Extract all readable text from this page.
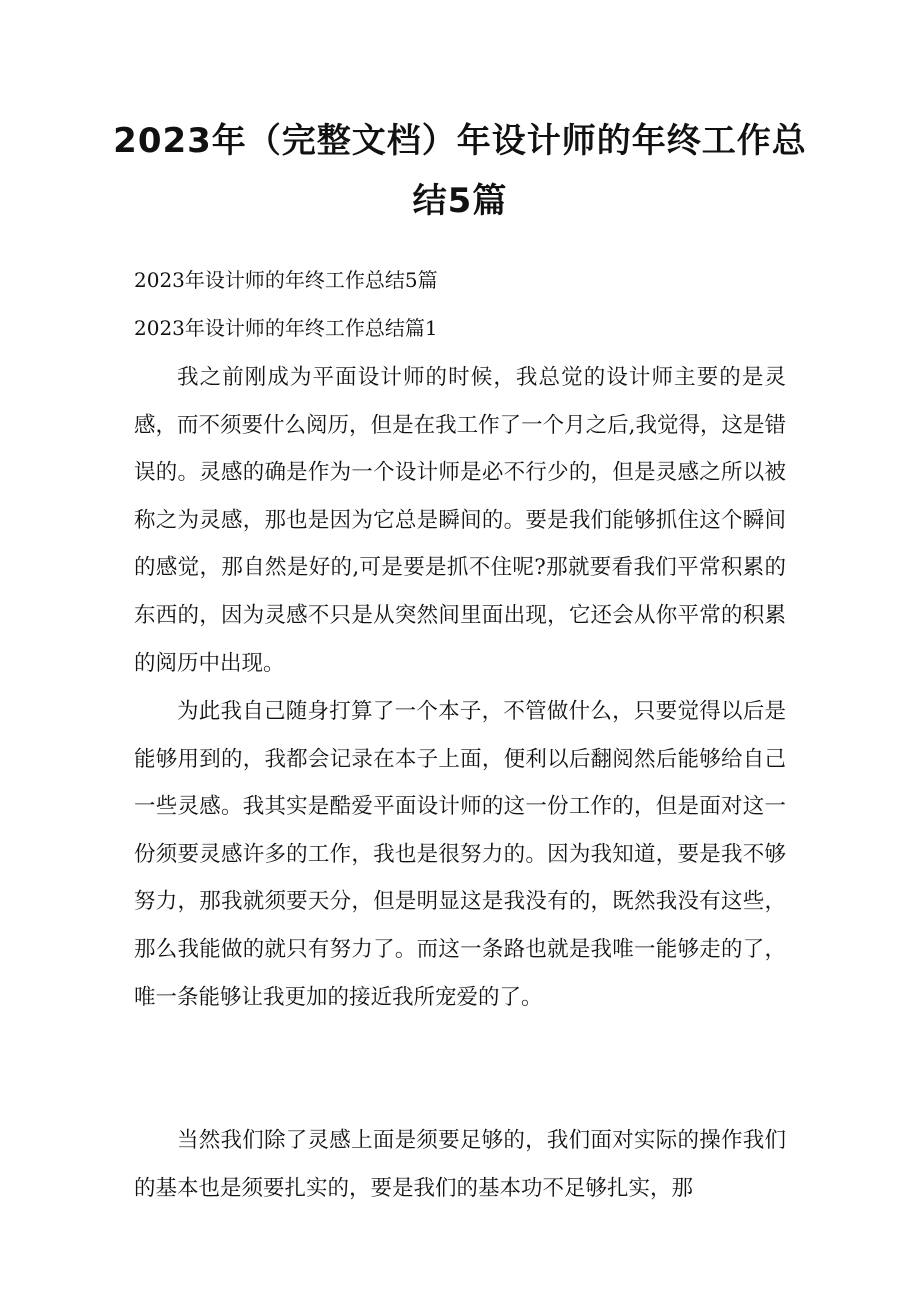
2023年（完整文档）年设计师的年终工作总
结5篇
2023年设计师的年终工作总结5篇
2023年设计师的年终工作总结篇1

我之前刚成为平面设计师的时候，我总觉的设计师主要的是灵感，而不须要什么阅历，但是在我工作了一个月之后,我觉得，这是错误的。灵感的确是作为一个设计师是必不行少的，但是灵感之所以被称之为灵感，那也是因为它总是瞬间的。要是我们能够抓住这个瞬间的感觉，那自然是好的,可是要是抓不住呢?那就要看我们平常积累的东西的，因为灵感不只是从突然间里面出现，它还会从你平常的积累的阅历中出现。

为此我自己随身打算了一个本子，不管做什么，只要觉得以后是能够用到的，我都会记录在本子上面，便利以后翻阅然后能够给自己一些灵感。我其实是酷爱平面设计师的这一份工作的，但是面对这一份须要灵感许多的工作，我也是很努力的。因为我知道，要是我不够努力，那我就须要天分，但是明显这是我没有的，既然我没有这些，那么我能做的就只有努力了。而这一条路也就是我唯一能够走的了，唯一条能够让我更加的接近我所宠爱的了。

当然我们除了灵感上面是须要足够的，我们面对实际的操作我们的基本也是须要扎实的，要是我们的基本功不足够扎实，那
